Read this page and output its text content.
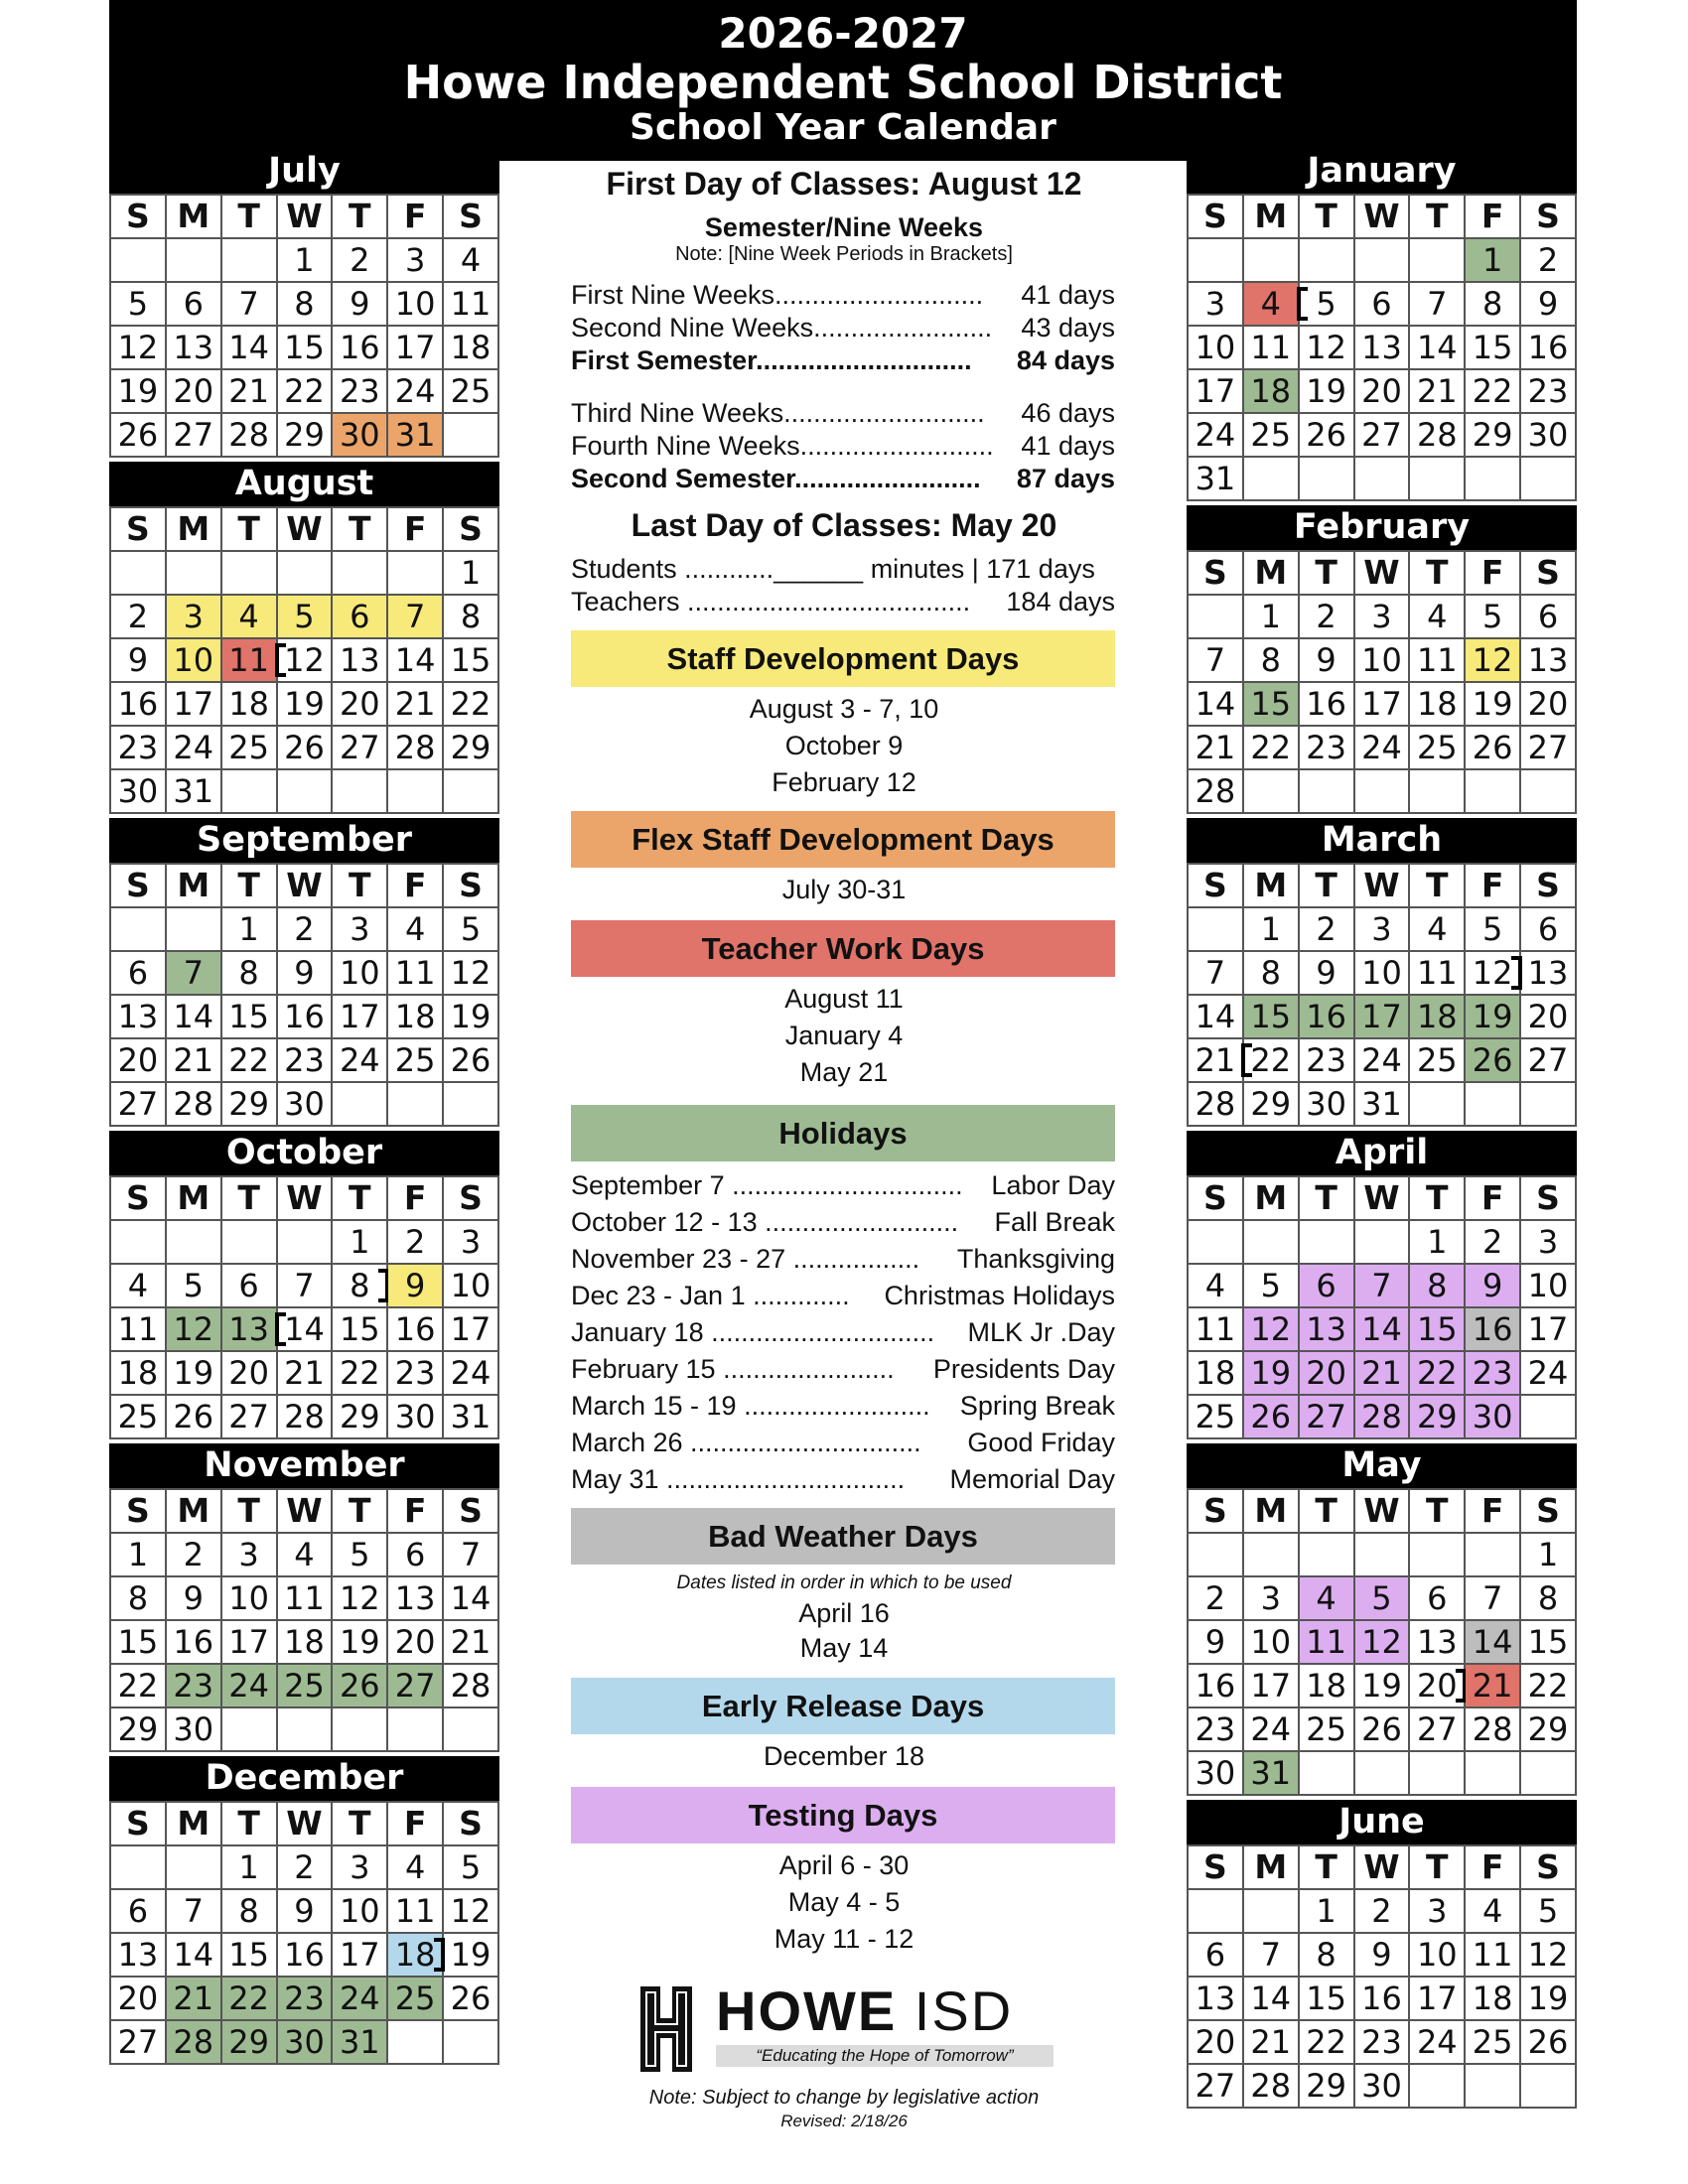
2026-2027
Howe Independent School District
School Year Calendar
July
S	M	T	W	T	F	S
			1	2	3	4
5	6	7	8	9	10	11
12	13	14	15	16	17	18
19	20	21	22	23	24	25
26	27	28	29	30	31	
August
S	M	T	W	T	F	S
						1
2	3	4	5	6	7	8
9	10	11	12	13	14	15
16	17	18	19	20	21	22
23	24	25	26	27	28	29
30	31					
September
S	M	T	W	T	F	S
		1	2	3	4	5
6	7	8	9	10	11	12
13	14	15	16	17	18	19
20	21	22	23	24	25	26
27	28	29	30			
October
S	M	T	W	T	F	S
				1	2	3
4	5	6	7	8	9	10
11	12	13	14	15	16	17
18	19	20	21	22	23	24
25	26	27	28	29	30	31
November
S	M	T	W	T	F	S
1	2	3	4	5	6	7
8	9	10	11	12	13	14
15	16	17	18	19	20	21
22	23	24	25	26	27	28
29	30					
December
S	M	T	W	T	F	S
		1	2	3	4	5
6	7	8	9	10	11	12
13	14	15	16	17	18	19
20	21	22	23	24	25	26
27	28	29	30	31		
January
S	M	T	W	T	F	S
					1	2
3	4	5	6	7	8	9
10	11	12	13	14	15	16
17	18	19	20	21	22	23
24	25	26	27	28	29	30
31						
February
S	M	T	W	T	F	S
	1	2	3	4	5	6
7	8	9	10	11	12	13
14	15	16	17	18	19	20
21	22	23	24	25	26	27
28						
March
S	M	T	W	T	F	S
	1	2	3	4	5	6
7	8	9	10	11	12	13
14	15	16	17	18	19	20
21	22	23	24	25	26	27
28	29	30	31			
April
S	M	T	W	T	F	S
				1	2	3
4	5	6	7	8	9	10
11	12	13	14	15	16	17
18	19	20	21	22	23	24
25	26	27	28	29	30	
May
S	M	T	W	T	F	S
						1
2	3	4	5	6	7	8
9	10	11	12	13	14	15
16	17	18	19	20	21	22
23	24	25	26	27	28	29
30	31					
June
S	M	T	W	T	F	S
		1	2	3	4	5
6	7	8	9	10	11	12
13	14	15	16	17	18	19
20	21	22	23	24	25	26
27	28	29	30			
First Day of Classes: August 12
Semester/Nine Weeks
Note: [Nine Week Periods in Brackets]
First Nine Weeks............................ 41 days
Second Nine Weeks........................ 43 days
First Semester............................. 84 days
Third Nine Weeks........................... 46 days
Fourth Nine Weeks.......................... 41 days
Second Semester......................... 87 days
Last Day of Classes: May 20
Students ............______ minutes | 171 days
Teachers ...................................... 184 days
Staff Development Days
August 3 - 7, 10
October 9
February 12
Flex Staff Development Days
July 30-31
Teacher Work Days
August 11
January 4
May 21
Holidays
September 7 ............................... Labor Day
October 12 - 13 .......................... Fall Break
November 23 - 27 ................. Thanksgiving
Dec 23 - Jan 1 ............. Christmas Holidays
January 18 .............................. MLK Jr .Day
February 15 ....................... Presidents Day
March 15 - 19 ......................... Spring Break
March 26 ............................... Good Friday
May 31 ................................ Memorial Day
Bad Weather Days
Dates listed in order in which to be used
April 16
May 14
Early Release Days
December 18
Testing Days
April 6 - 30
May 4 - 5
May 11 - 12
HOWE ISD
“Educating the Hope of Tomorrow”
Note: Subject to change by legislative action
Revised: 2/18/26
